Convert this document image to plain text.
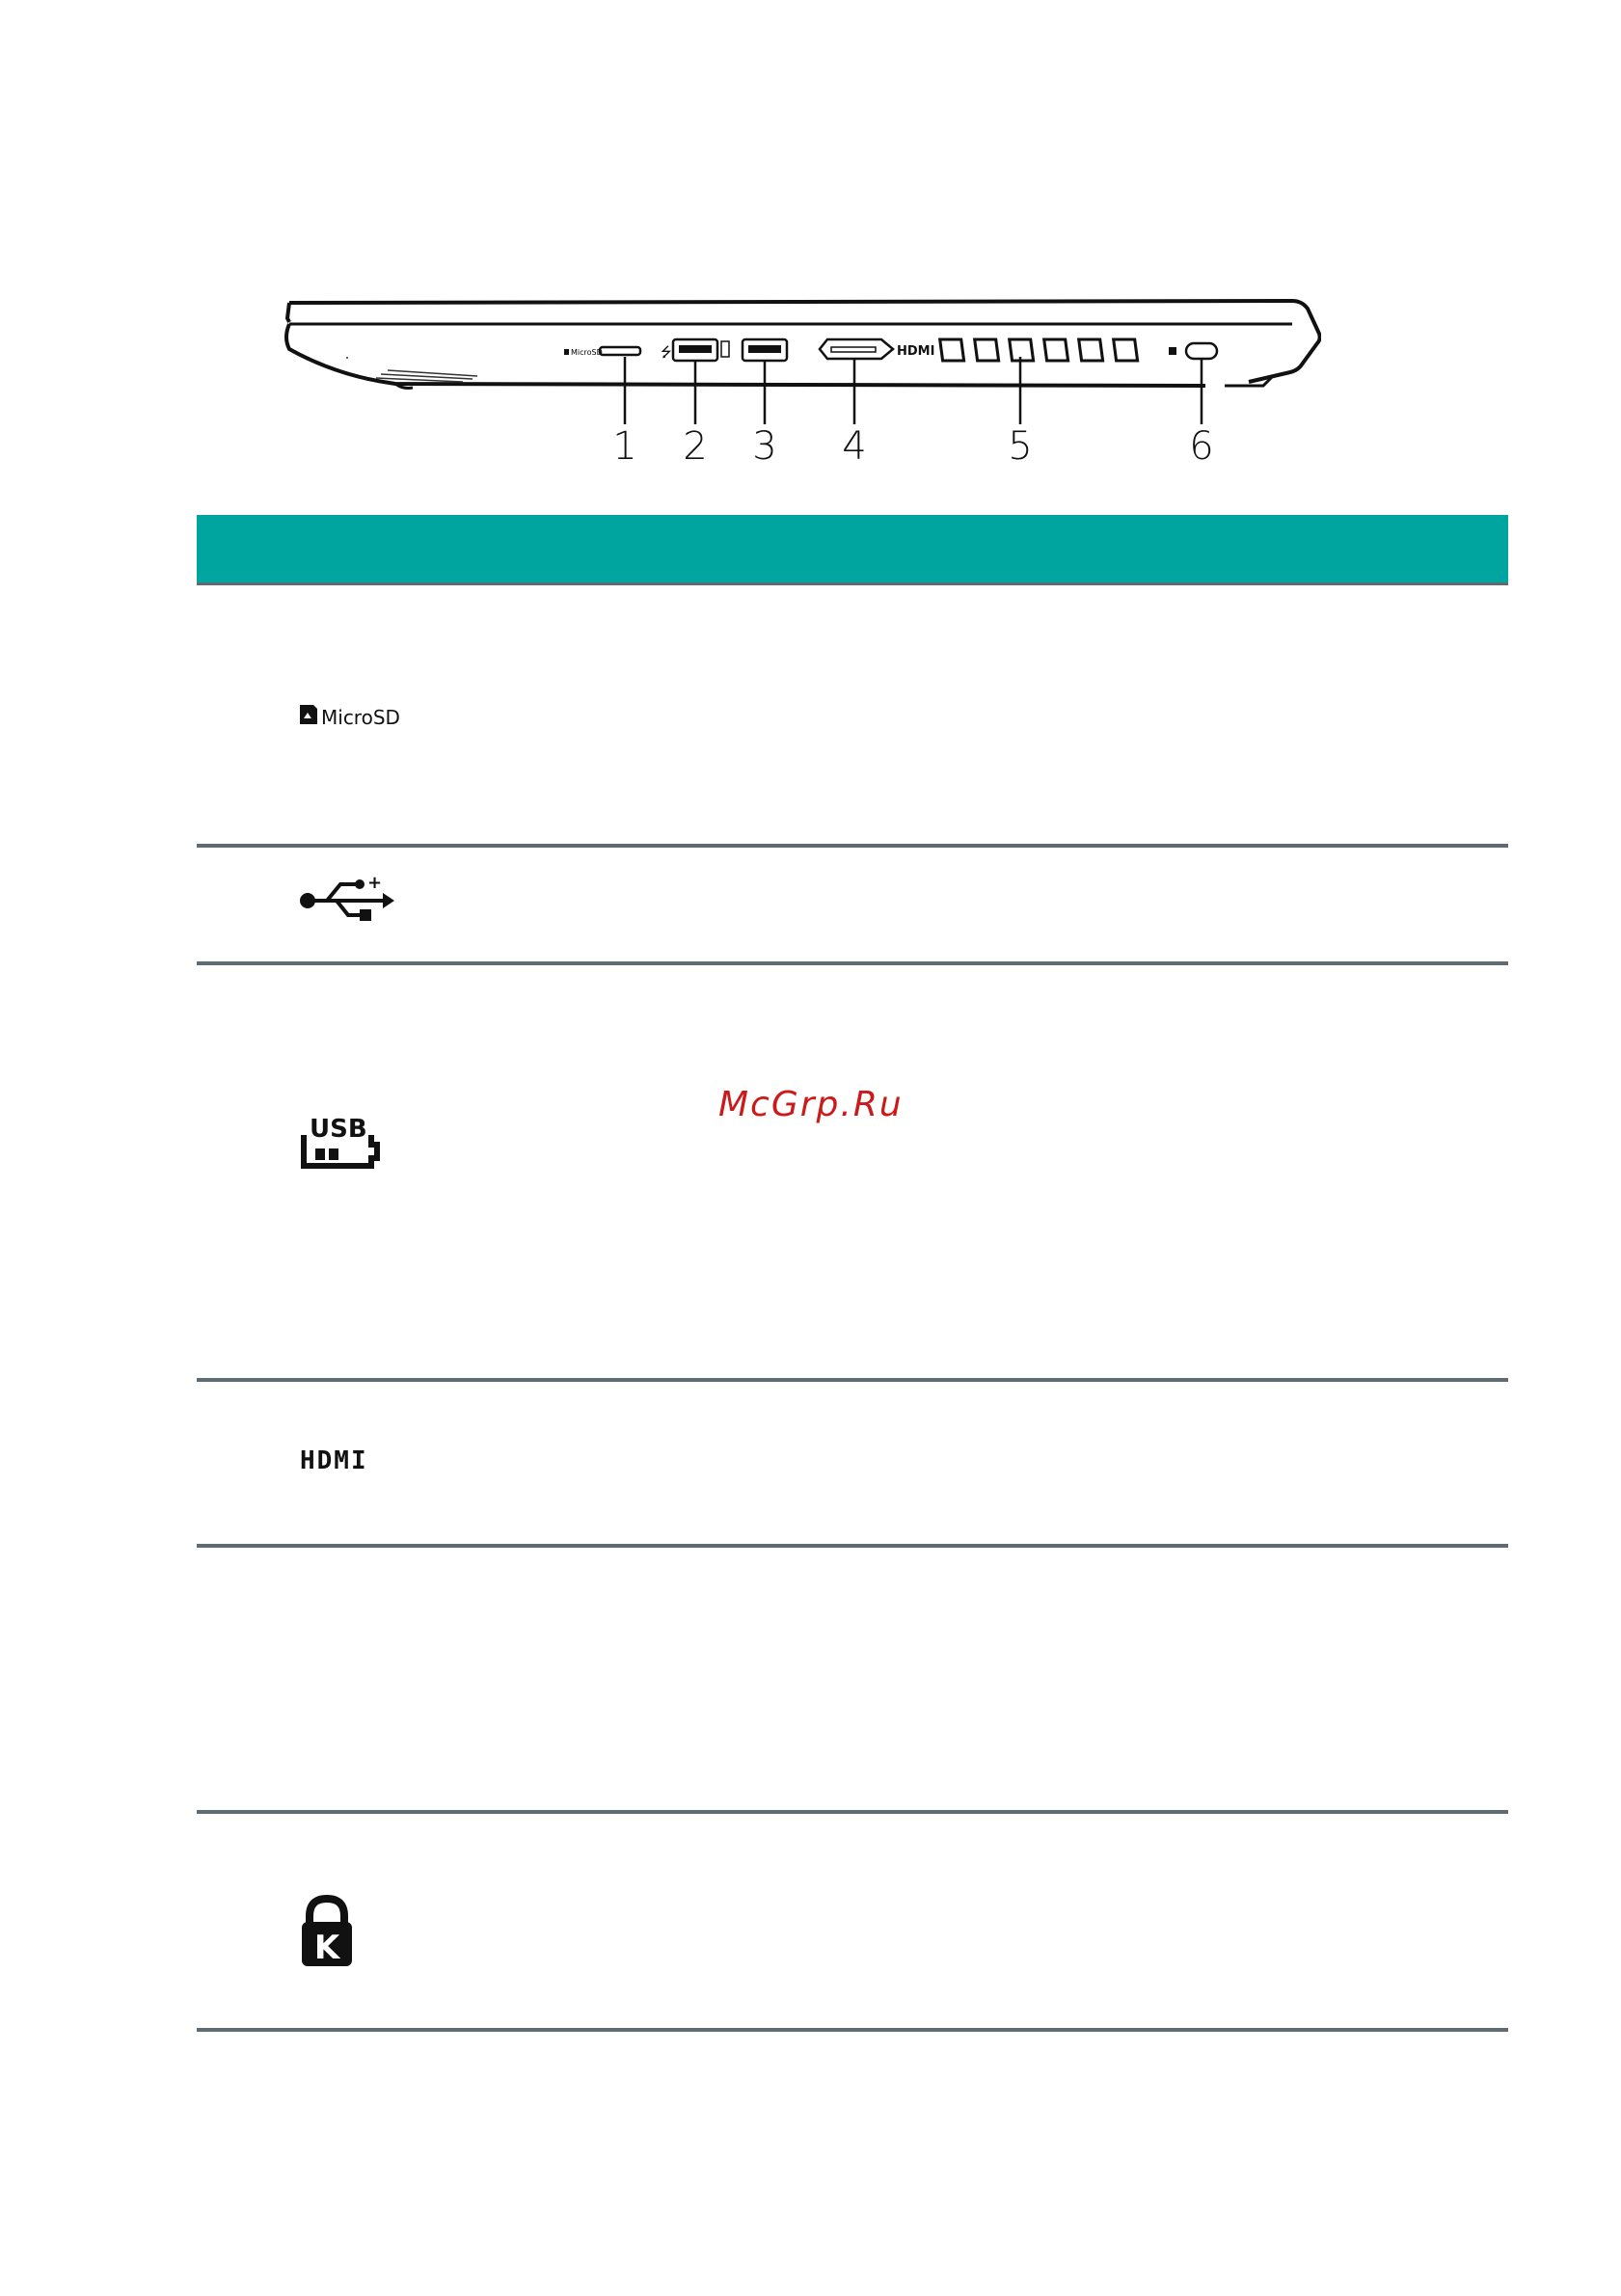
MicroSD	⭍	HDMI
1 2 3 4	5	6
MicroSD
+
USB
HDMI
K
McGrp.Ru
